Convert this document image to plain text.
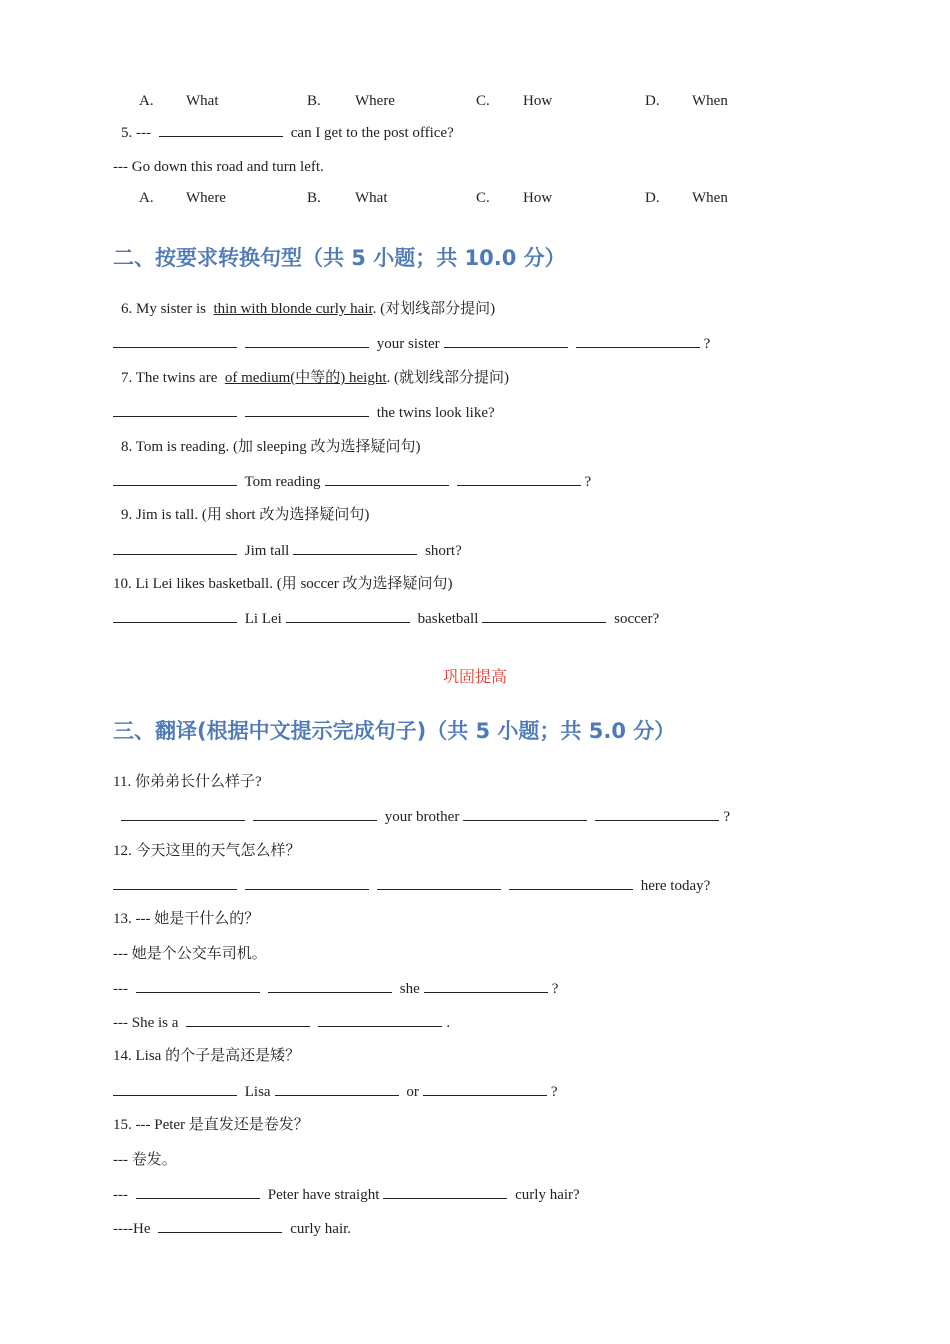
A. What	B. Where	C. How	D. When
5. ---	can I get to the post office?
--- Go down this road and turn left.
A. Where	B. What	C. How	D. When
二、按要求转换句型（共 5 小题；共 10.0 分）
6. My sister is thin with blonde curly hair. (对划线部分提问)
your sister	?
7. The twins are of medium(中等的) height. (就划线部分提问)
the twins look like?
8. Tom is reading. (加 sleeping 改为选择疑问句)
Tom reading	?
9. Jim is tall. (用 short 改为选择疑问句)
Jim tall	short?
10. Li Lei likes basketball. (用 soccer 改为选择疑问句)
Li Lei	basketball	soccer?
巩固提高
三、翻译(根据中文提示完成句子)（共 5 小题；共 5.0 分）
11. 你弟弟长什么样子?
your brother	?
12. 今天这里的天气怎么样？
here today?
13. --- 她是干什么的？
--- 她是个公交车司机。
---	she	?
--- She is a	.
14. Lisa 的个子是高还是矮？
Lisa	or	?
15. --- Peter 是直发还是卷发？
--- 卷发。
---	Peter have straight	curly hair?
----He	curly hair.
